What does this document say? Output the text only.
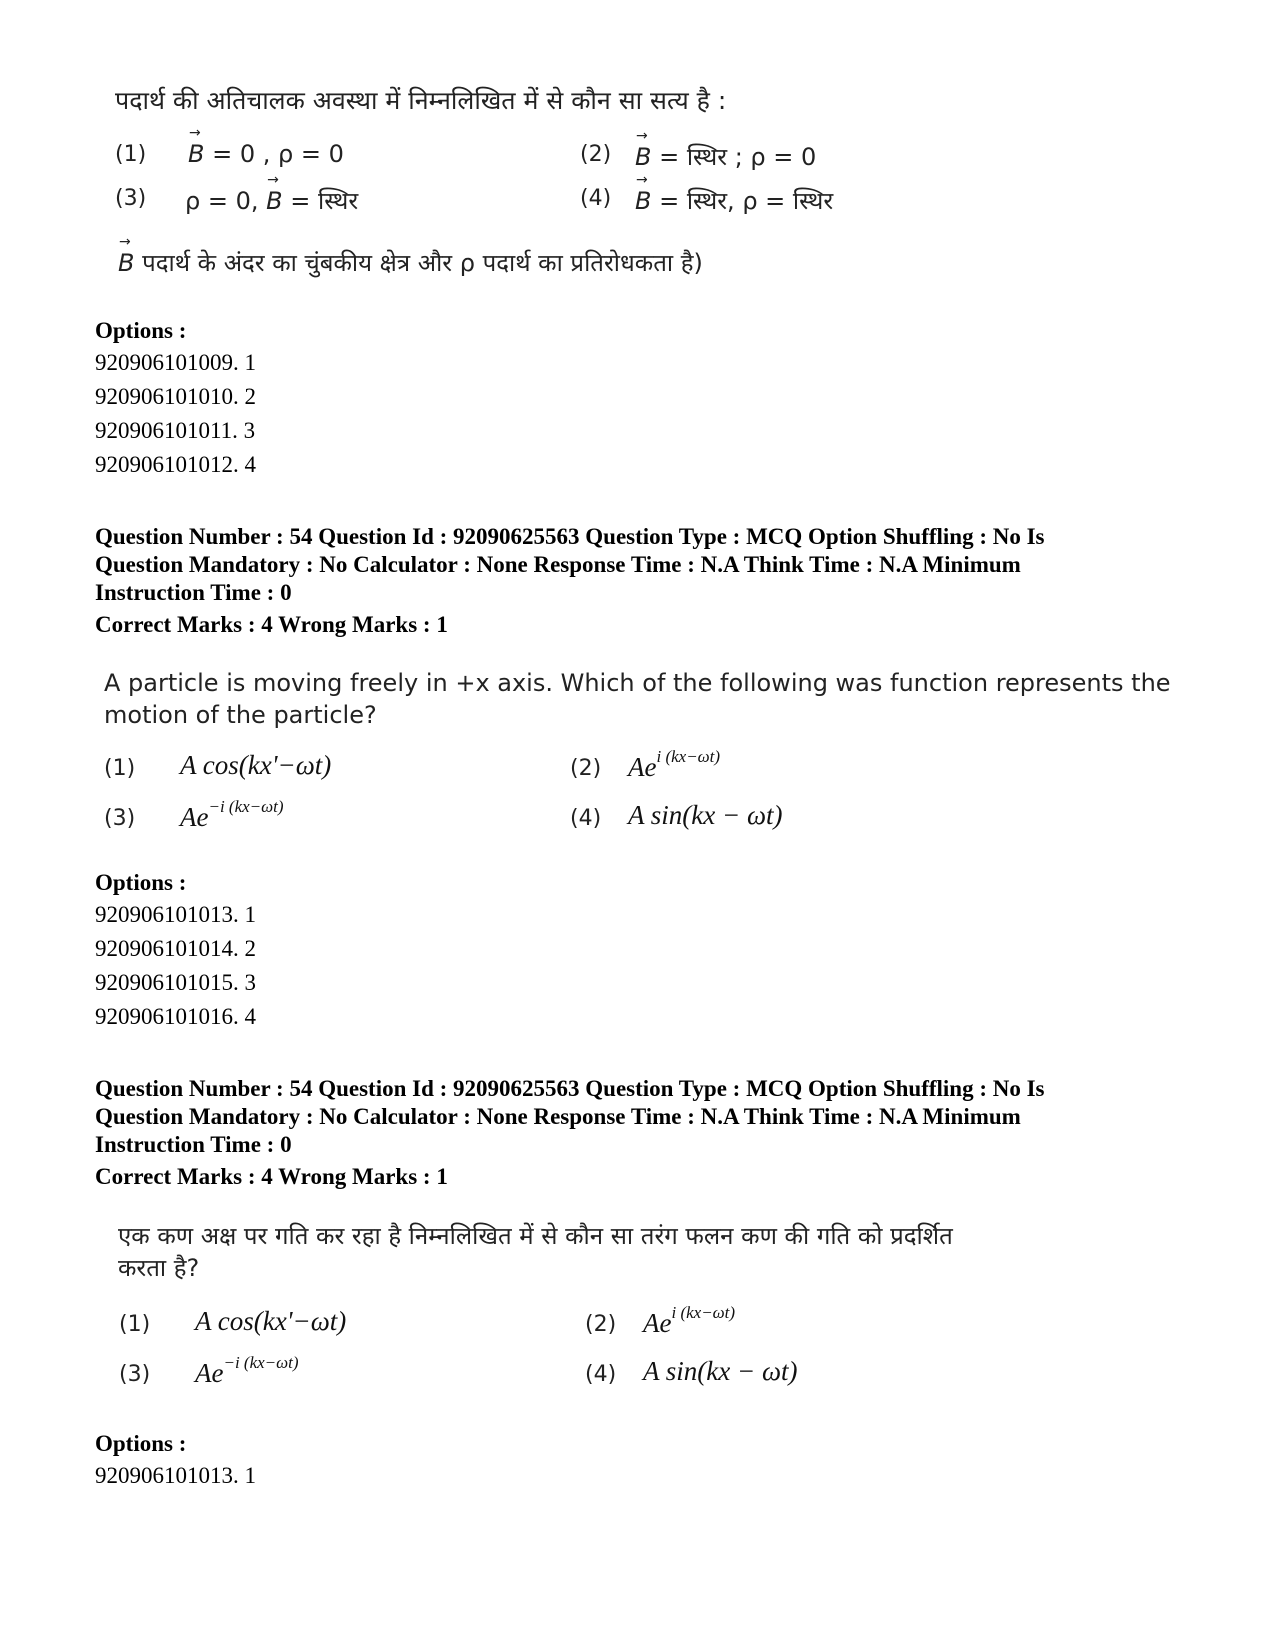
पदार्थ की अतिचालक अवस्था में निम्नलिखित में से कौन सा सत्य है :
(1) → B = 0 , ρ = 0	(2) → B = स्थिर ; ρ = 0
(3) ρ = 0, → B = स्थिर	(4) → B = स्थिर, ρ = स्थिर
→ B पदार्थ के अंदर का चुंबकीय क्षेत्र और ρ पदार्थ का प्रतिरोधकता है)
Options :
920906101009. 1
920906101010. 2
920906101011. 3
920906101012. 4
Question Number : 54 Question Id : 92090625563 Question Type : MCQ Option Shuffling : No Is
Question Mandatory : No Calculator : None Response Time : N.A Think Time : N.A Minimum
Instruction Time : 0
Correct Marks : 4 Wrong Marks : 1
A particle is moving freely in +x axis. Which of the following was function represents the
motion of the particle?
(1) A cos(kx'−ωt)	(2) $Ae^{i (kx-\omega t)}$
(3) $Ae^{-i (kx-\omega t)}$	(4) A sin(kx − ωt)
Options :
920906101013. 1
920906101014. 2
920906101015. 3
920906101016. 4
Question Number : 54 Question Id : 92090625563 Question Type : MCQ Option Shuffling : No Is
Question Mandatory : No Calculator : None Response Time : N.A Think Time : N.A Minimum
Instruction Time : 0
Correct Marks : 4 Wrong Marks : 1
एक कण अक्ष पर गति कर रहा है निम्नलिखित में से कौन सा तरंग फलन कण की गति को प्रदर्शित
करता है?
(1) A cos(kx'−ωt)	(2) $Ae^{i (kx-\omega t)}$
(3) $Ae^{-i (kx-\omega t)}$	(4) A sin(kx − ωt)
Options :
920906101013. 1
